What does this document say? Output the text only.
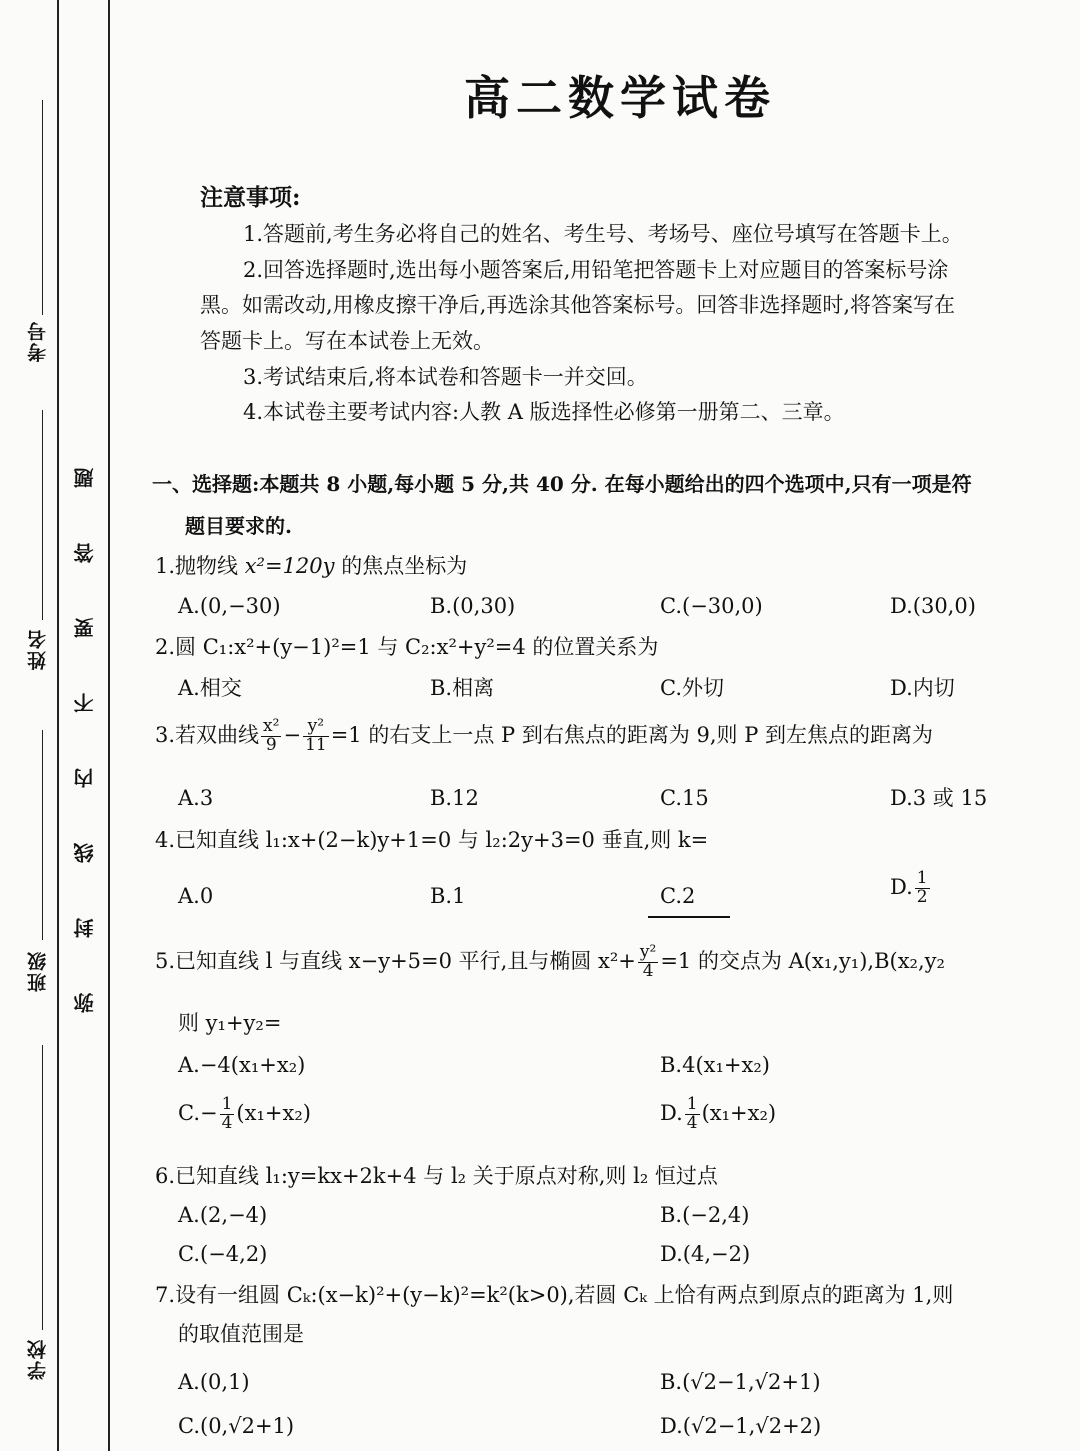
考号
姓名
班级
学校
题
答
要
不
内
线
封
弥
高二数学试卷
注意事项:
1.答题前,考生务必将自己的姓名、考生号、考场号、座位号填写在答题卡上。
2.回答选择题时,选出每小题答案后,用铅笔把答题卡上对应题目的答案标号涂
黑。如需改动,用橡皮擦干净后,再选涂其他答案标号。回答非选择题时,将答案写在
答题卡上。写在本试卷上无效。
3.考试结束后,将本试卷和答题卡一并交回。
4.本试卷主要考试内容:人教 A 版选择性必修第一册第二、三章。
一、选择题:本题共 8 小题,每小题 5 分,共 40 分. 在每小题给出的四个选项中,只有一项是符
题目要求的.
1.抛物线 x²=120y 的焦点坐标为
A.(0,−30)	B.(0,30)	C.(−30,0)	D.(30,0)
2.圆 C₁:x²+(y−1)²=1 与 C₂:x²+y²=4 的位置关系为
A.相交	B.相离	C.外切	D.内切
3.若双曲线 $\frac{\text{x²}}{9} - \frac{\text{y²}}{11} =1$ 的右支上一点 P 到右焦点的距离为 9,则 P 到左焦点的距离为
A.3	B.12	C.15	D.3 或 15
4.已知直线 l₁:x+(2−k)y+1=0 与 l₂:2y+3=0 垂直,则 k=
A.0	B.1	C.2	D. $\frac{1}{2}$
5.已知直线 l 与直线 x−y+5=0 平行,且与椭圆 $x^2+ \frac{\text{y²}}{4} =1$ 的交点为 A(x₁,y₁),B(x₂,y₂
则 y₁+y₂=
A.−4(x₁+x₂)	B.4(x₁+x₂)
$C.- \frac{1}{4} (x_1+x_2)$	D. $\frac{1}{4} (x_1+x_2)$
6.已知直线 l₁:y=kx+2k+4 与 l₂ 关于原点对称,则 l₂ 恒过点
A.(2,−4)	B.(−2,4)
C.(−4,2)	D.(4,−2)
7.设有一组圆 Cₖ:(x−k)²+(y−k)²=k²(k>0),若圆 Cₖ 上恰有两点到原点的距离为 1,则
的取值范围是
A.(0,1)	B.(√2−1,√2+1)
C.(0,√2+1)	D.(√2−1,√2+2)
